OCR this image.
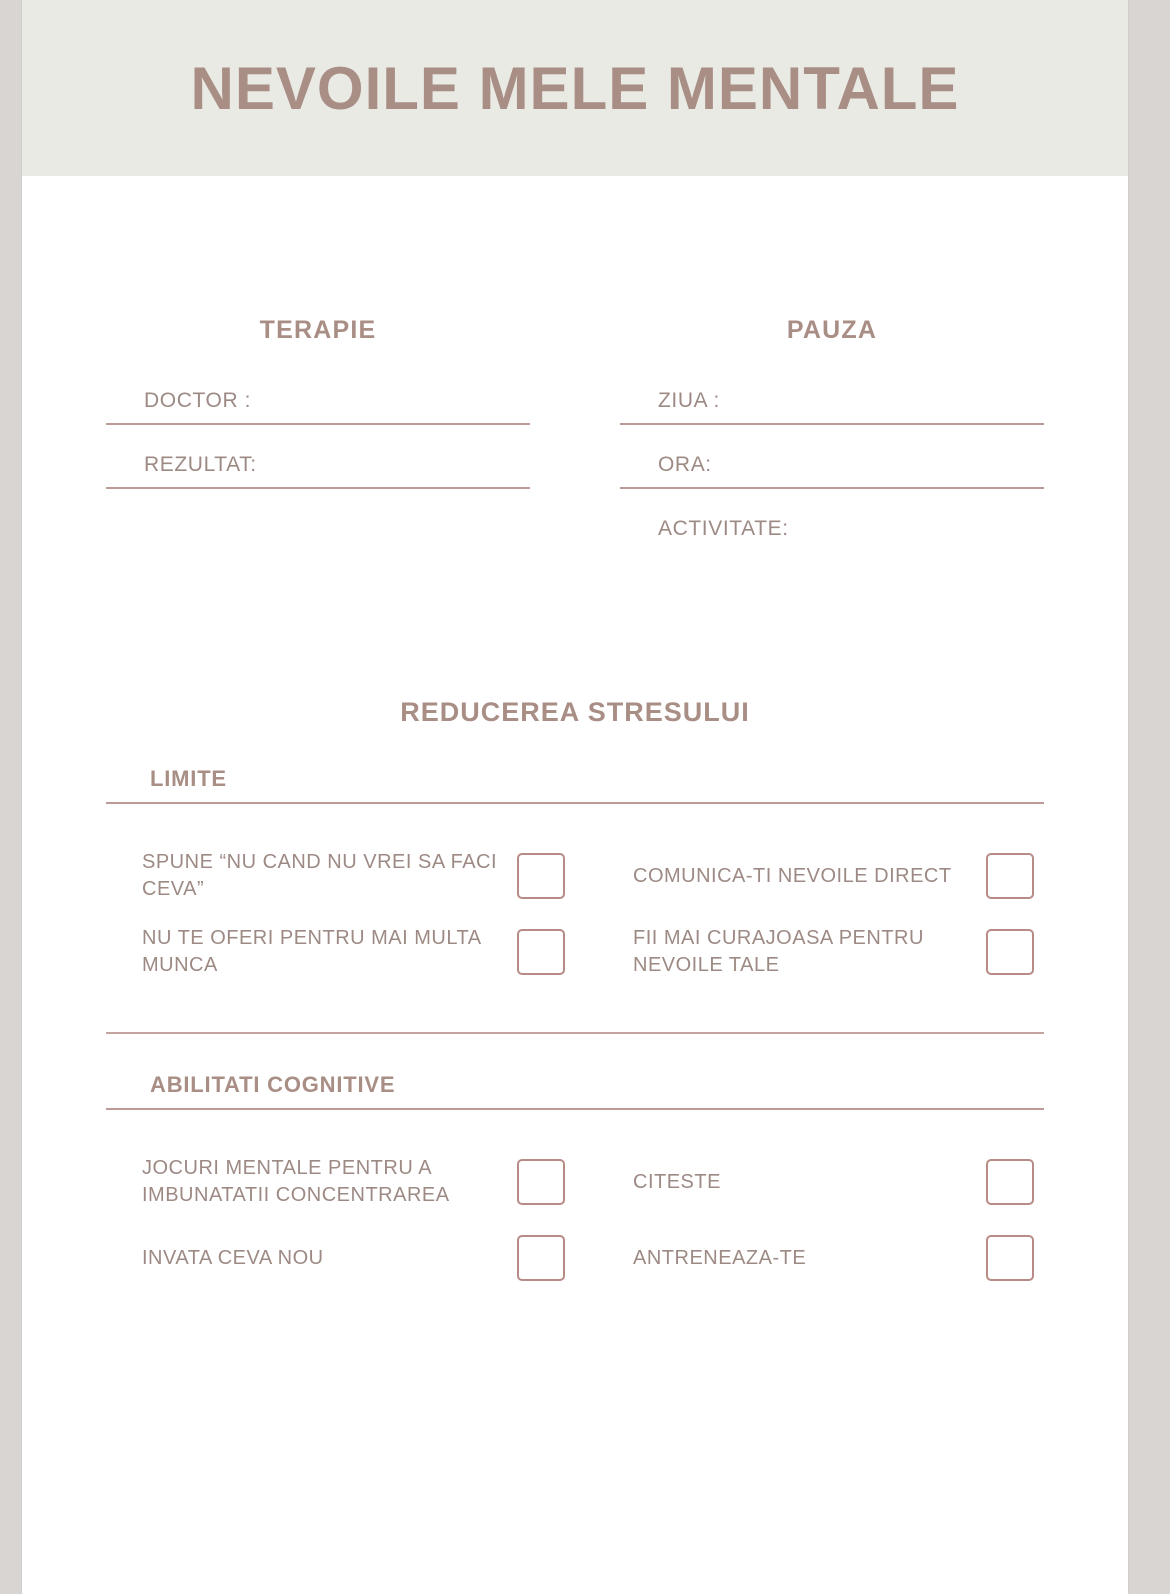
NEVOILE MELE MENTALE
TERAPIE
DOCTOR :
REZULTAT:
PAUZA
ZIUA :
ORA:
ACTIVITATE:
REDUCEREA STRESULUI
LIMITE
SPUNE “NU CAND NU VREI SA FACI CEVA”
NU TE OFERI PENTRU MAI MULTA MUNCA
COMUNICA-TI NEVOILE DIRECT
FII MAI CURAJOASA PENTRU NEVOILE TALE
ABILITATI COGNITIVE
JOCURI MENTALE PENTRU A IMBUNATATII CONCENTRAREA
INVATA CEVA NOU
CITESTE
ANTRENEAZA-TE
